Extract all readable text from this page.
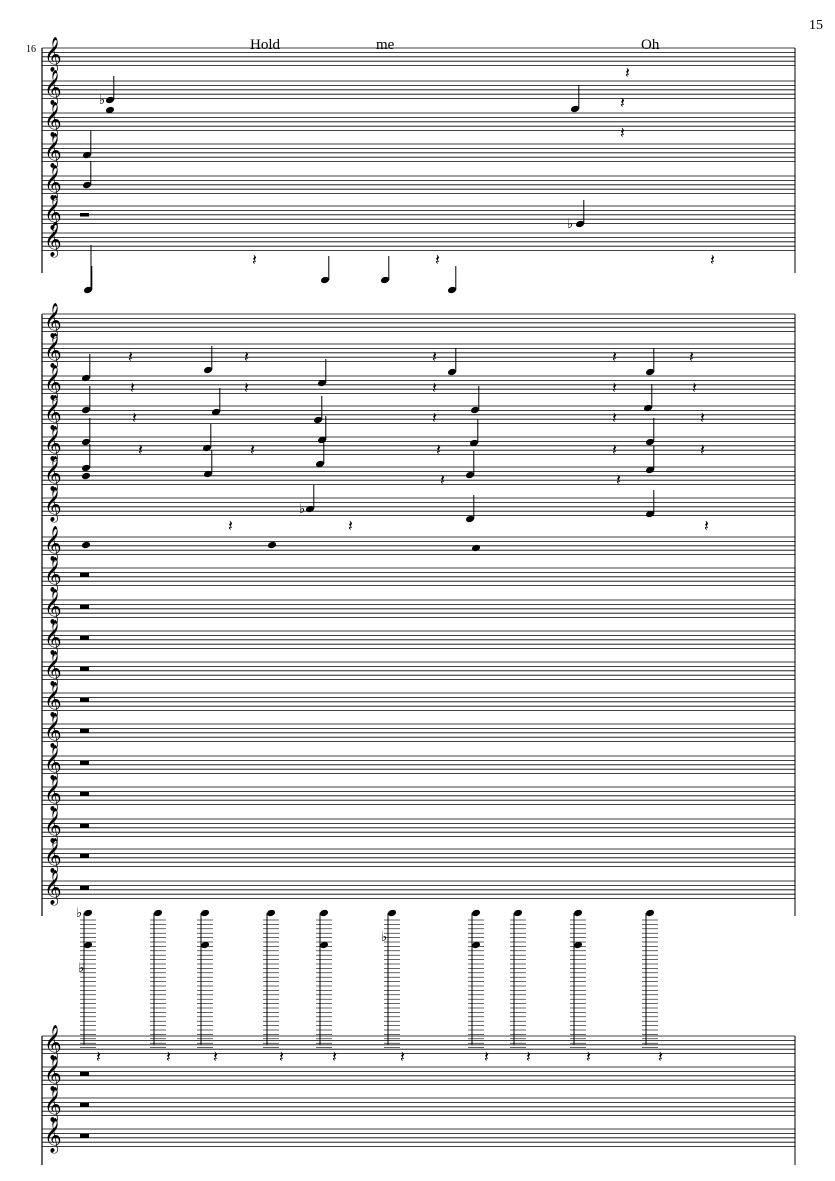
15
16	Hold	me	Oh
𝄞
𝄞
𝄞
𝄞
𝄞
𝄞
𝄞
𝄞
𝄞
𝄞
𝄞
𝄞
𝄞
𝄞
𝄞
𝄞
𝄞
𝄞
𝄞
𝄞
𝄞
𝄞
𝄞
𝄞
𝄞
𝄞
𝄞
𝄞
𝄞
𝄞
♭
𝄽
𝄽
𝄽
♭
𝄽	𝄽	𝄽
♭
𝄽	𝄽	𝄽	𝄽	𝄽
𝄽	𝄽	𝄽	𝄽	𝄽
𝄽	𝄽	𝄽	𝄽
𝄽	𝄽	𝄽	𝄽	𝄽
𝄽	𝄽
𝄽	𝄽	𝄽
𝄽	𝄽	𝄽	𝄽	𝄽	𝄽	𝄽 𝄽	𝄽	𝄽
♭
♭
♭
